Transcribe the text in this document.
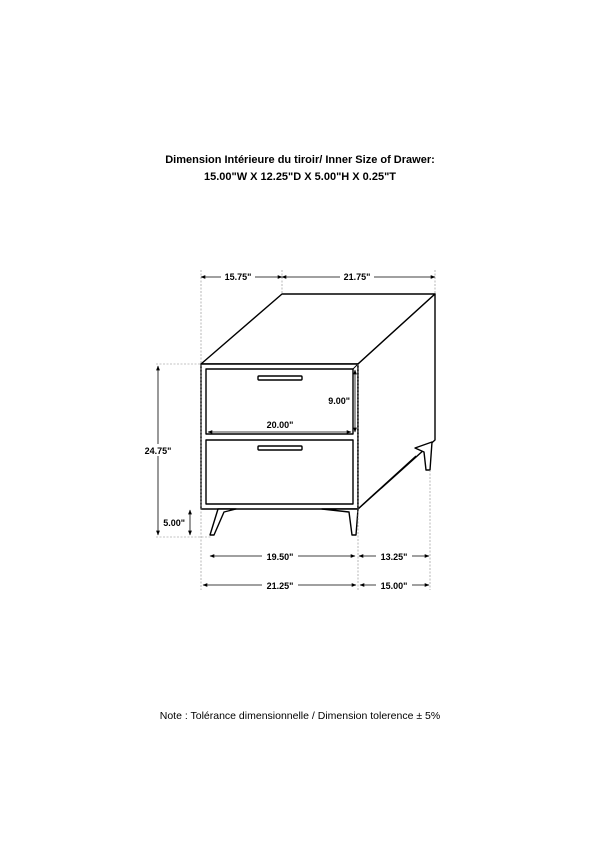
Dimension Intérieure du tiroir/ Inner Size of Drawer:
15.00"W X 12.25"D X 5.00"H X 0.25"T
15.75"	21.75"
24.75"
9.00"
20.00"
5.00"
19.50"	13.25"
21.25"	15.00"
Note : Tolérance dimensionnelle / Dimension tolerence ± 5%
